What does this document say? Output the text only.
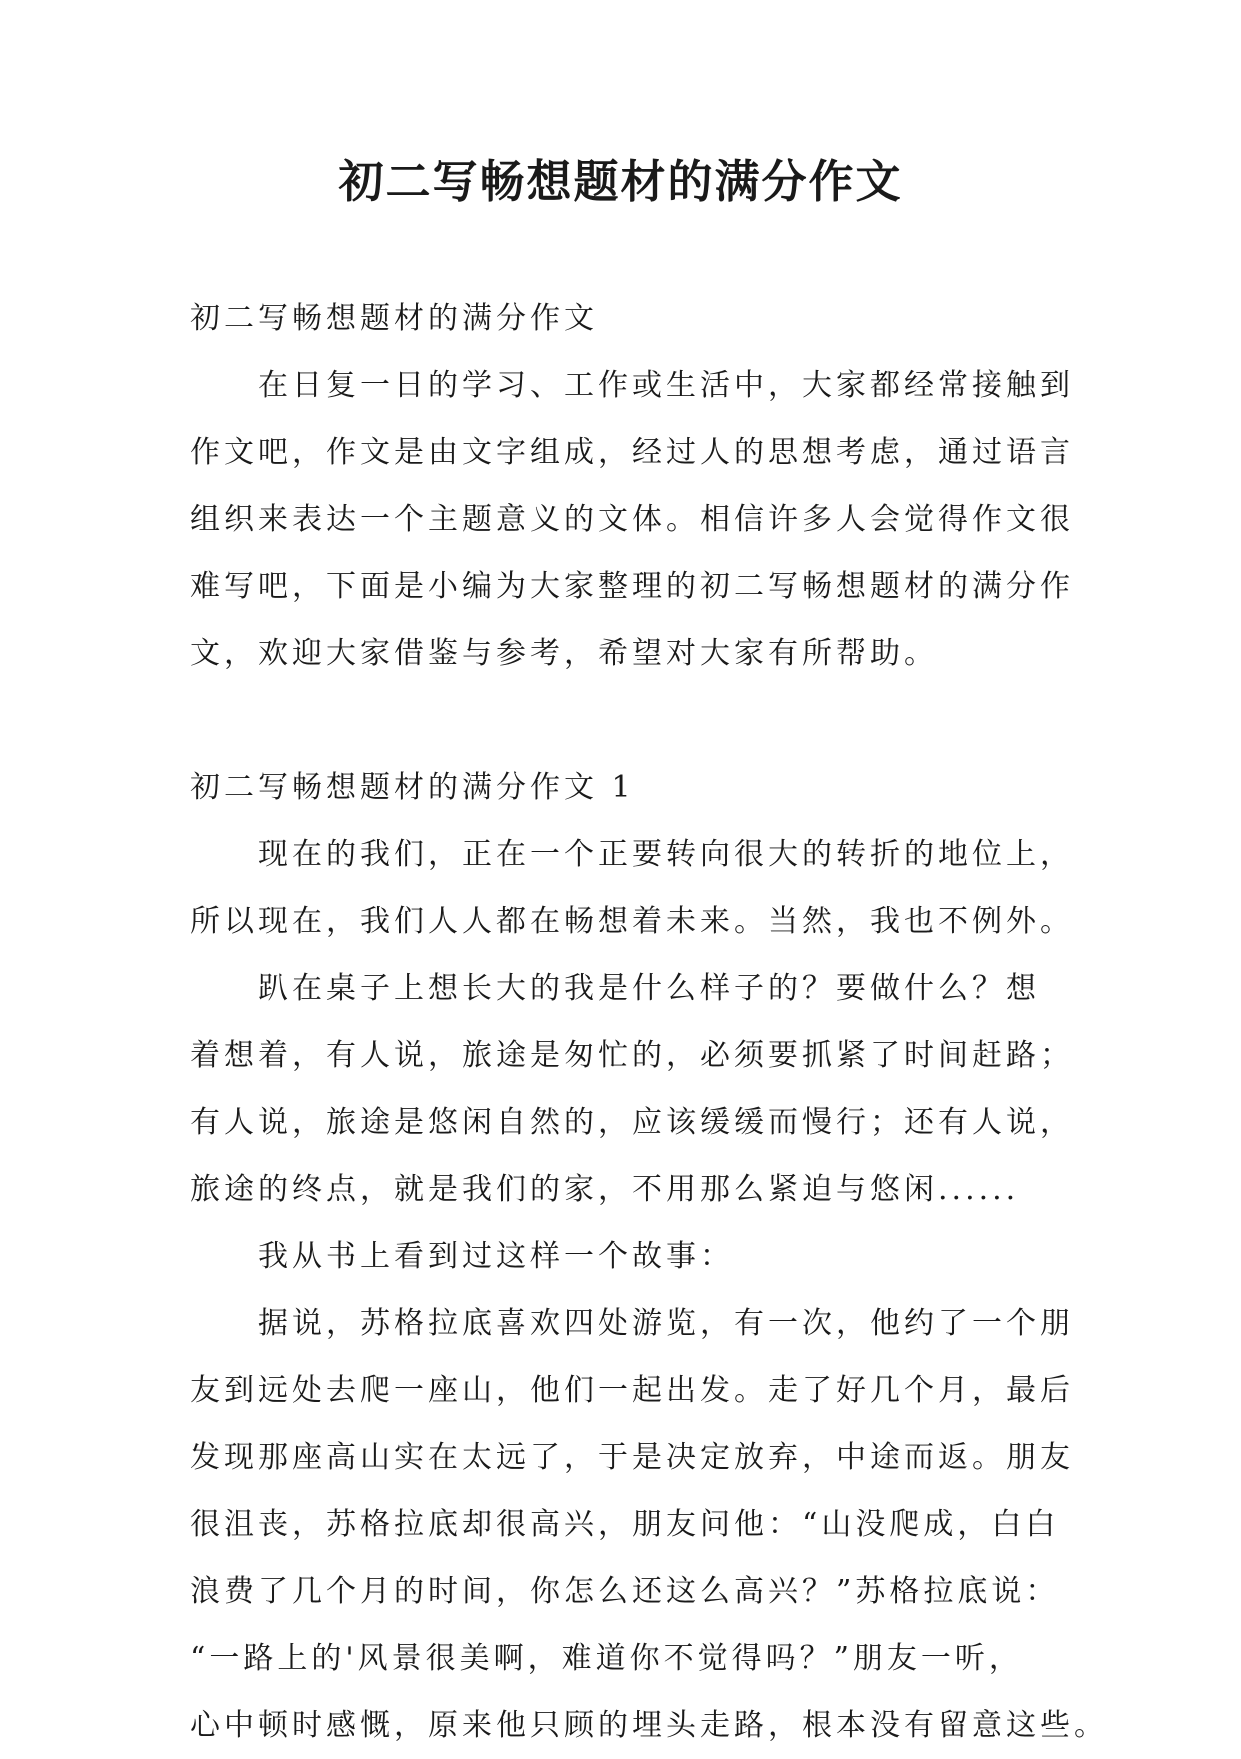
初二写畅想题材的满分作文
初二写畅想题材的满分作文
在日复一日的学习、工作或生活中，大家都经常接触到
作文吧，作文是由文字组成，经过人的思想考虑，通过语言
组织来表达一个主题意义的文体。相信许多人会觉得作文很
难写吧，下面是小编为大家整理的初二写畅想题材的满分作
文，欢迎大家借鉴与参考，希望对大家有所帮助。
初二写畅想题材的满分作文 1
现在的我们，正在一个正要转向很大的转折的地位上，
所以现在，我们人人都在畅想着未来。当然，我也不例外。
趴在桌子上想长大的我是什么样子的？要做什么？想
着想着，有人说，旅途是匆忙的，必须要抓紧了时间赶路；
有人说，旅途是悠闲自然的，应该缓缓而慢行；还有人说，
旅途的终点，就是我们的家，不用那么紧迫与悠闲......
我从书上看到过这样一个故事：
据说，苏格拉底喜欢四处游览，有一次，他约了一个朋
友到远处去爬一座山，他们一起出发。走了好几个月，最后
发现那座高山实在太远了，于是决定放弃，中途而返。朋友
很沮丧，苏格拉底却很高兴，朋友问他：“山没爬成，白白
浪费了几个月的时间，你怎么还这么高兴？”苏格拉底说：
“一路上的'风景很美啊，难道你不觉得吗？”朋友一听，
心中顿时感慨，原来他只顾的埋头走路，根本没有留意这些。
